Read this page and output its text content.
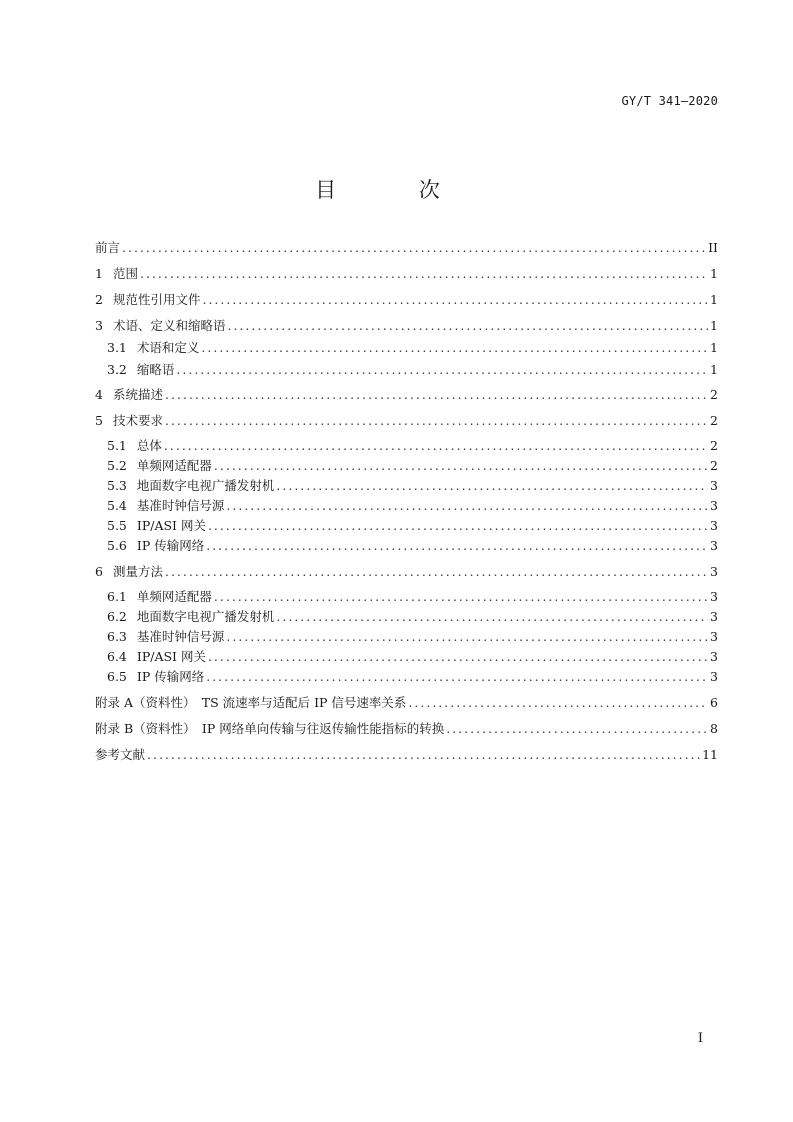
GY/T 341—2020
目 次
前言 .....	II
1 范围 .....	1
2 规范性引用文件 .....	1
3 术语、定义和缩略语 .....	1
3.1 术语和定义 .....	1
3.2 缩略语 .....	1
4 系统描述 .....	2
5 技术要求 .....	2
5.1 总体 .....	2
5.2 单频网适配器 .....	2
5.3 地面数字电视广播发射机 .....	3
5.4 基准时钟信号源 .....	3
5.5 IP/ASI 网关 .....	3
5.6 IP 传输网络 .....	3
6 测量方法 .....	3
6.1 单频网适配器 .....	3
6.2 地面数字电视广播发射机 .....	3
6.3 基准时钟信号源 .....	3
6.4 IP/ASI 网关 .....	3
6.5 IP 传输网络 .....	3
附录 A（资料性）　TS 流速率与适配后 IP 信号速率关系 .....	6
附录 B（资料性）　IP 网络单向传输与往返传输性能指标的转换 .....	8
参考文献 .....	11
I
